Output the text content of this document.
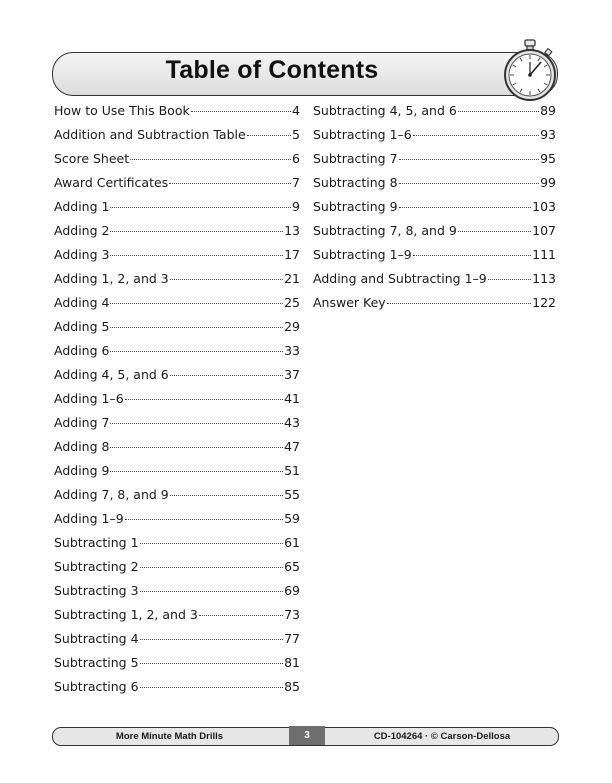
Table of Contents
How to Use This Book	4
Addition and Subtraction Table	5
Score Sheet	6
Award Certificates	7
Adding 1	9
Adding 2	13
Adding 3	17
Adding 1, 2, and 3	21
Adding 4	25
Adding 5	29
Adding 6	33
Adding 4, 5, and 6	37
Adding 1–6	41
Adding 7	43
Adding 8	47
Adding 9	51
Adding 7, 8, and 9	55
Adding 1–9	59
Subtracting 1	61
Subtracting 2	65
Subtracting 3	69
Subtracting 1, 2, and 3	73
Subtracting 4	77
Subtracting 5	81
Subtracting 6	85
Subtracting 4, 5, and 6	89
Subtracting 1–6	93
Subtracting 7	95
Subtracting 8	99
Subtracting 9	103
Subtracting 7, 8, and 9	107
Subtracting 1–9	111
Adding and Subtracting 1–9	113
Answer Key	122
More Minute Math Drills	3	CD-104264 · © Carson-Dellosa
